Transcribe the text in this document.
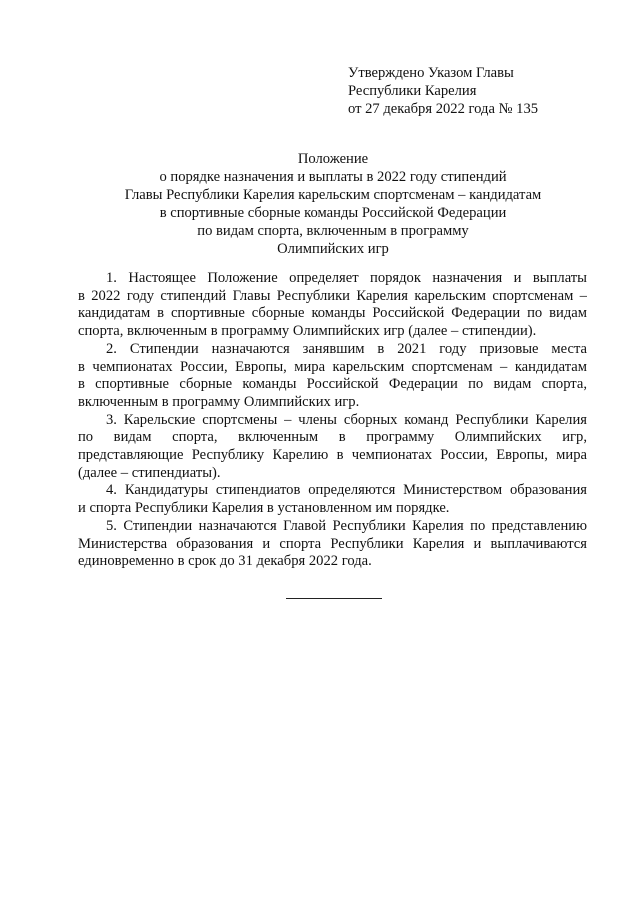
Утверждено Указом Главы
Республики Карелия
от 27 декабря 2022 года № 135
Положение
о порядке назначения и выплаты в 2022 году стипендий
Главы Республики Карелия карельским спортсменам – кандидатам
в спортивные сборные команды Российской Федерации
по видам спорта, включенным в программу
Олимпийских игр
1. Настоящее Положение определяет порядок назначения и выплаты
в 2022 году стипендий Главы Республики Карелия карельским спортсменам –
кандидатам в спортивные сборные команды Российской Федерации по видам
спорта, включенным в программу Олимпийских игр (далее – стипендии).
2. Стипендии назначаются занявшим в 2021 году призовые места
в чемпионатах России, Европы, мира карельским спортсменам – кандидатам
в спортивные сборные команды Российской Федерации по видам спорта,
включенным в программу Олимпийских игр.
3. Карельские спортсмены – члены сборных команд Республики Карелия
по видам спорта, включенным в программу Олимпийских игр,
представляющие Республику Карелию в чемпионатах России, Европы, мира
(далее – стипендиаты).
4. Кандидатуры стипендиатов определяются Министерством образования
и спорта Республики Карелия в установленном им порядке.
5. Стипендии назначаются Главой Республики Карелия по представлению
Министерства образования и спорта Республики Карелия и выплачиваются
единовременно в срок до 31 декабря 2022 года.
